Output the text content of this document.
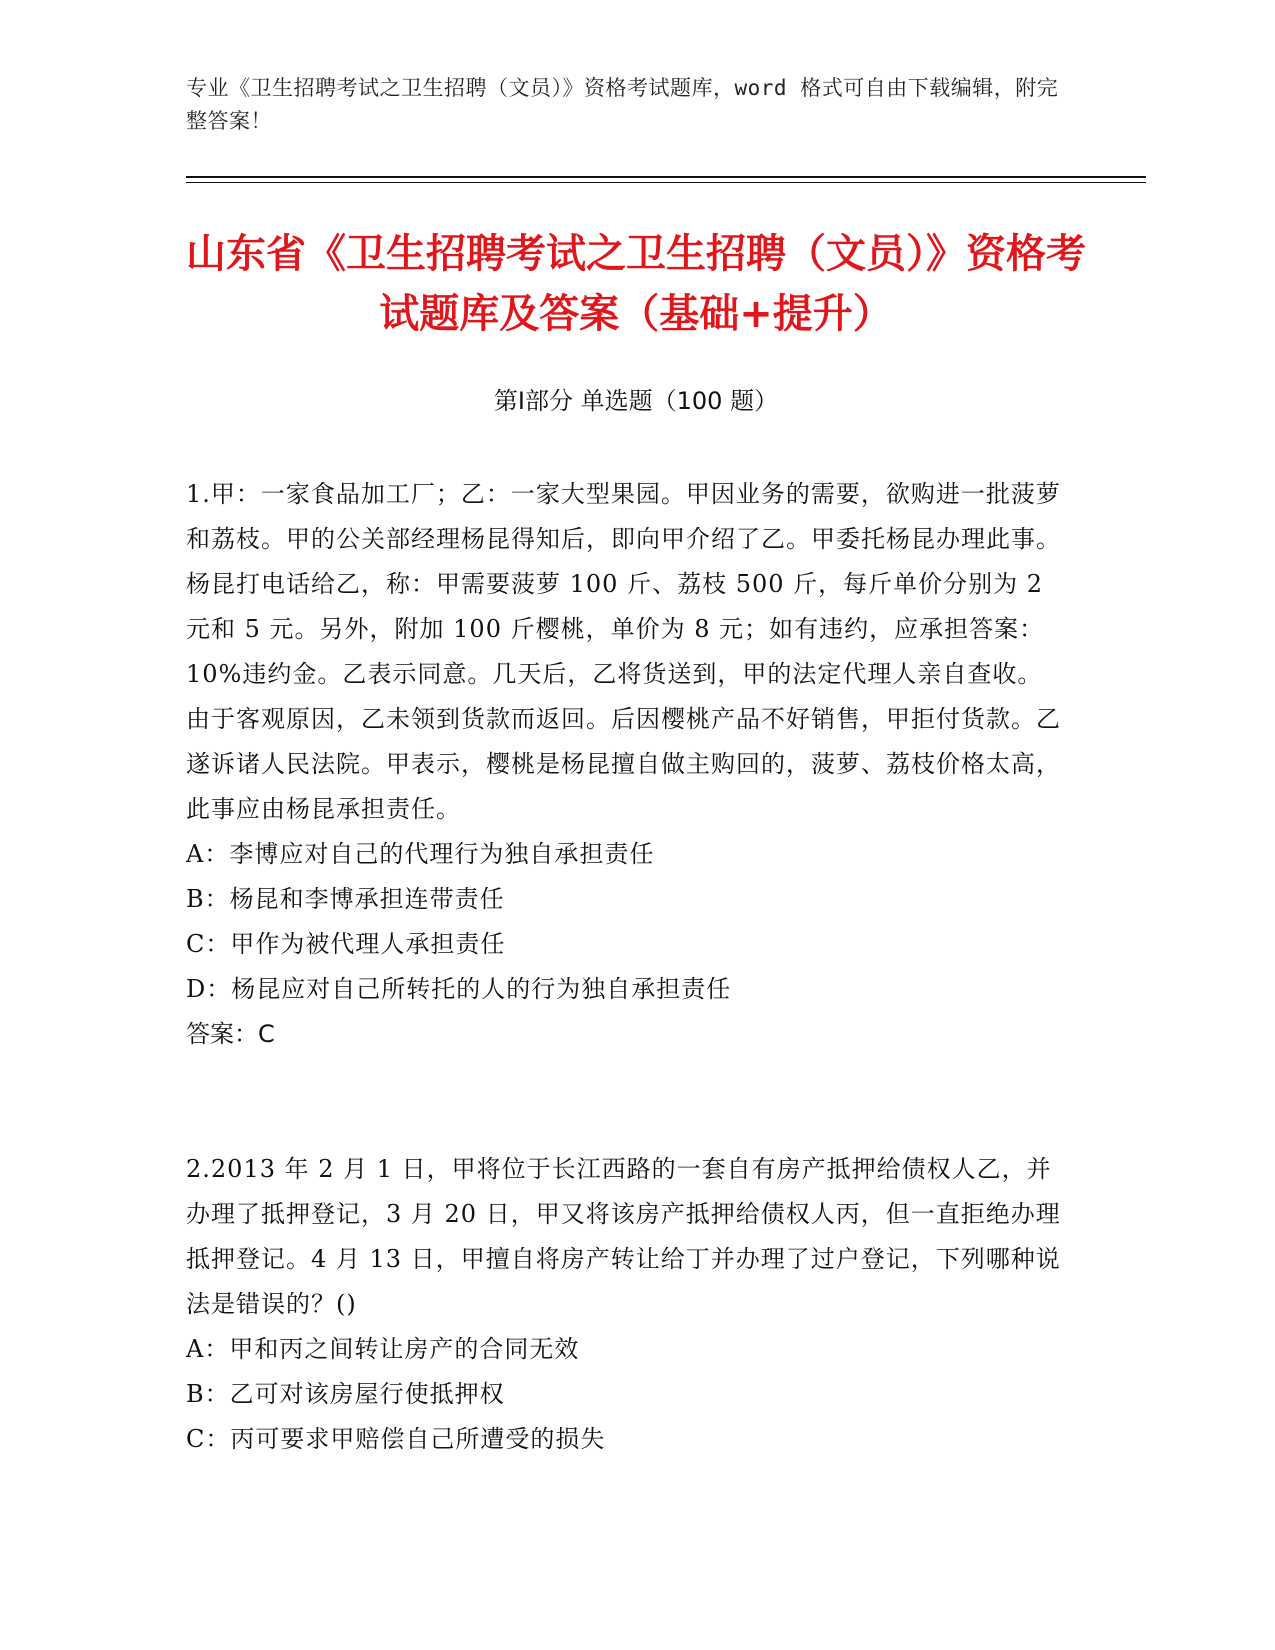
专业《卫生招聘考试之卫生招聘（文员）》资格考试题库，word 格式可自由下载编辑，附完整答案！
山东省《卫生招聘考试之卫生招聘（文员）》资格考试题库及答案（基础+提升）
第Ⅰ部分 单选题（100 题）

1.甲：一家食品加工厂；乙：一家大型果园。甲因业务的需要，欲购进一批菠萝和荔枝。甲的公关部经理杨昆得知后，即向甲介绍了乙。甲委托杨昆办理此事。杨昆打电话给乙，称：甲需要菠萝 100 斤、荔枝 500 斤，每斤单价分别为 2 元和 5 元。另外，附加 100 斤樱桃，单价为 8 元；如有违约，应承担答案：10%违约金。乙表示同意。几天后，乙将货送到，甲的法定代理人亲自查收。由于客观原因，乙未领到货款而返回。后因樱桃产品不好销售，甲拒付货款。乙遂诉诸人民法院。甲表示，樱桃是杨昆擅自做主购回的，菠萝、荔枝价格太高，此事应由杨昆承担责任。

A：李博应对自己的代理行为独自承担责任

B：杨昆和李博承担连带责任

C：甲作为被代理人承担责任

D：杨昆应对自己所转托的人的行为独自承担责任

答案：C

2.2013 年 2 月 1 日，甲将位于长江西路的一套自有房产抵押给债权人乙，并办理了抵押登记，3 月 20 日，甲又将该房产抵押给债权人丙，但一直拒绝办理抵押登记。4 月 13 日，甲擅自将房产转让给丁并办理了过户登记，下列哪种说法是错误的？()

A：甲和丙之间转让房产的合同无效

B：乙可对该房屋行使抵押权

C：丙可要求甲赔偿自己所遭受的损失
